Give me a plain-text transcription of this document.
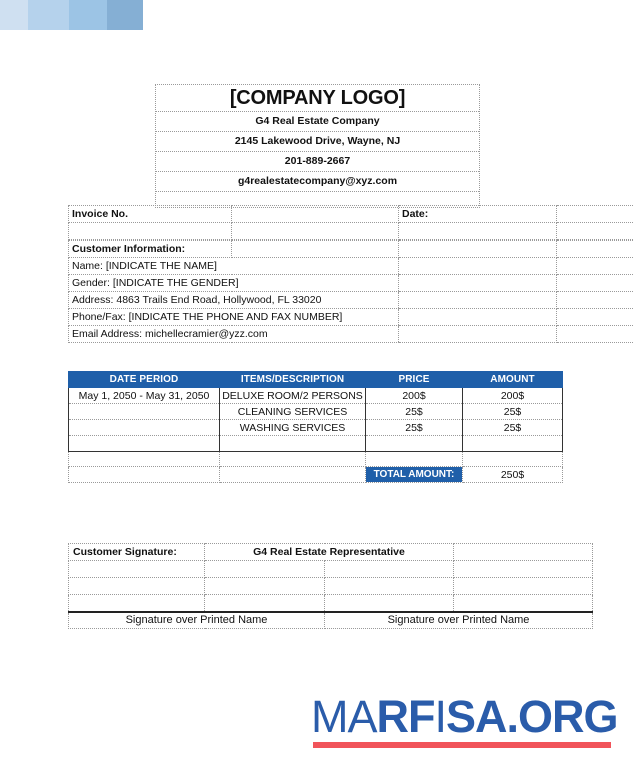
[COMPANY LOGO]
G4 Real Estate Company
2145 Lakewood Drive, Wayne, NJ
201-889-2667
g4realestatecompany@xyz.com
Invoice No.		Date:	

Customer Information:			
Name: [INDICATE THE NAME]			
Gender: [INDICATE THE GENDER]			
Address: 4863 Trails End Road, Hollywood, FL 33020			
Phone/Fax: [INDICATE THE PHONE AND FAX NUMBER]			
Email Address: michellecramier@yzz.com			
DATE PERIOD	ITEMS/DESCRIPTION	PRICE	AMOUNT
May 1, 2050 - May 31, 2050	DELUXE ROOM/2 PERSONS	200$	200$
	CLEANING SERVICES	25$	25$
	WASHING SERVICES	25$	25$

		TOTAL AMOUNT:	250$
Customer Signature:	G4 Real Estate Representative		

Signature over Printed Name		Signature over Printed Name	
MARFISA.ORG
